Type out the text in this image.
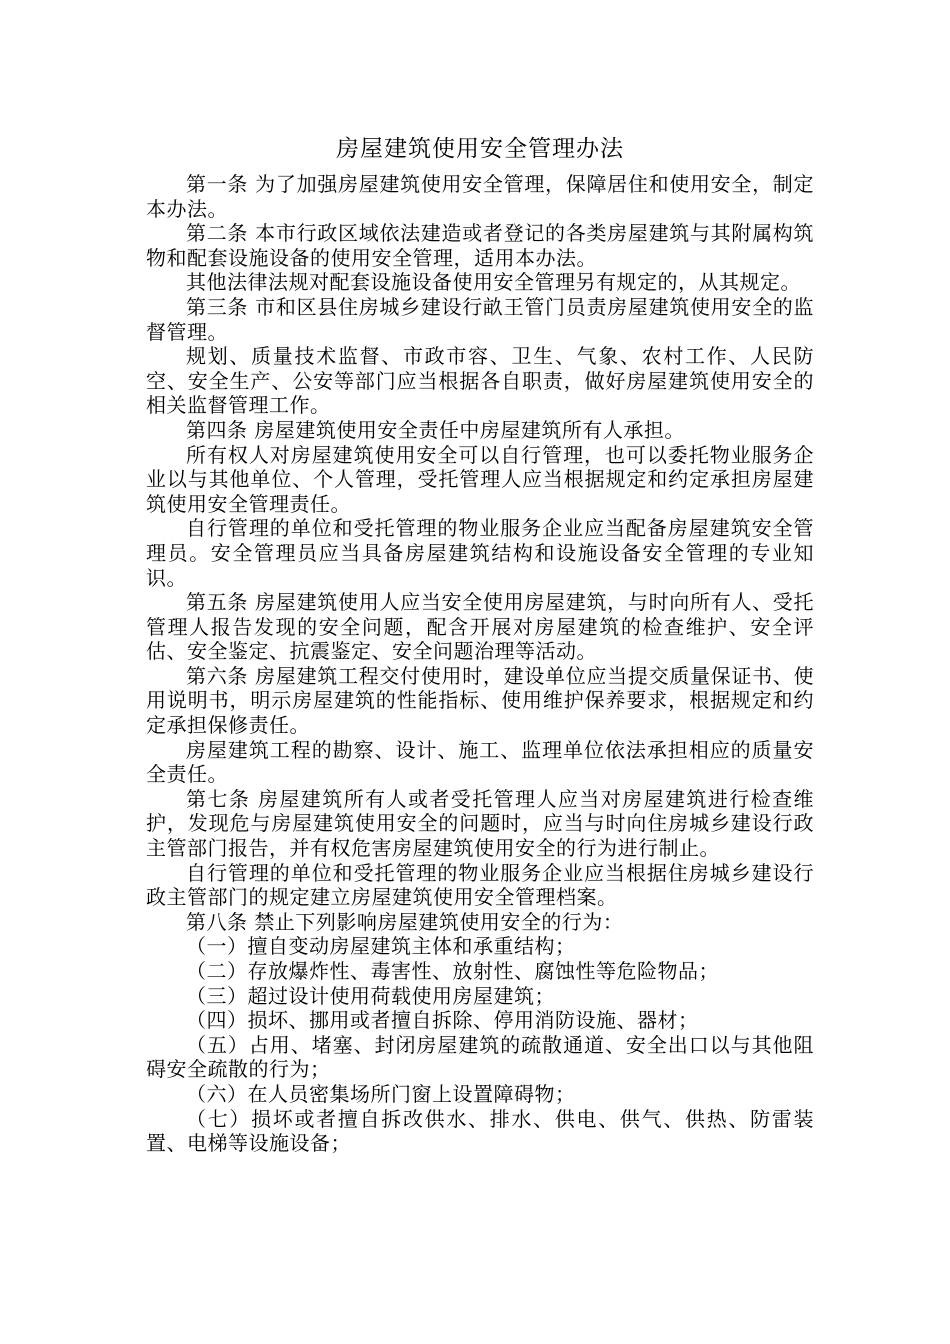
房屋建筑使用安全管理办法

第一条 为了加强房屋建筑使用安全管理，保障居住和使用安全，制定本办法。

第二条 本市行政区域依法建造或者登记的各类房屋建筑与其附属构筑物和配套设施设备的使用安全管理，适用本办法。

其他法律法规对配套设施设备使用安全管理另有规定的，从其规定。

第三条 市和区县住房城乡建设行畝王管门员责房屋建筑使用安全的监督管理。

规划、质量技术监督、市政市容、卫生、气象、农村工作、人民防空、安全生产、公安等部门应当根据各自职责，做好房屋建筑使用安全的相关监督管理工作。

第四条 房屋建筑使用安全责任中房屋建筑所有人承担。

所有权人对房屋建筑使用安全可以自行管理，也可以委托物业服务企业以与其他单位、个人管理，受托管理人应当根据规定和约定承担房屋建筑使用安全管理责任。

自行管理的单位和受托管理的物业服务企业应当配备房屋建筑安全管理员。安全管理员应当具备房屋建筑结构和设施设备安全管理的专业知识。

第五条 房屋建筑使用人应当安全使用房屋建筑，与时向所有人、受托管理人报告发现的安全问题，配含开展对房屋建筑的检查维护、安全评估、安全鉴定、抗震鉴定、安全问题治理等活动。

第六条 房屋建筑工程交付使用时，建设单位应当提交质量保证书、使用说明书，明示房屋建筑的性能指标、使用维护保养要求，根据规定和约定承担保修责任。

房屋建筑工程的勘察、设计、施工、监理单位依法承担相应的质量安全责任。

第七条 房屋建筑所有人或者受托管理人应当对房屋建筑进行检查维护，发现危与房屋建筑使用安全的问题时，应当与时向住房城乡建设行政主管部门报告，并有权危害房屋建筑使用安全的行为进行制止。

自行管理的单位和受托管理的物业服务企业应当根据住房城乡建设行政主管部门的规定建立房屋建筑使用安全管理档案。

第八条 禁止下列影响房屋建筑使用安全的行为：

（一）擅自变动房屋建筑主体和承重结构；

（二）存放爆炸性、毒害性、放射性、腐蚀性等危险物品；

（三）超过设计使用荷载使用房屋建筑；

（四）损坏、挪用或者擅自拆除、停用消防设施、器材；

（五）占用、堵塞、封闭房屋建筑的疏散通道、安全出口以与其他阻碍安全疏散的行为；

（六）在人员密集场所门窗上设置障碍物；

（七）损坏或者擅自拆改供水、排水、供电、供气、供热、防雷装置、电梯等设施设备；
